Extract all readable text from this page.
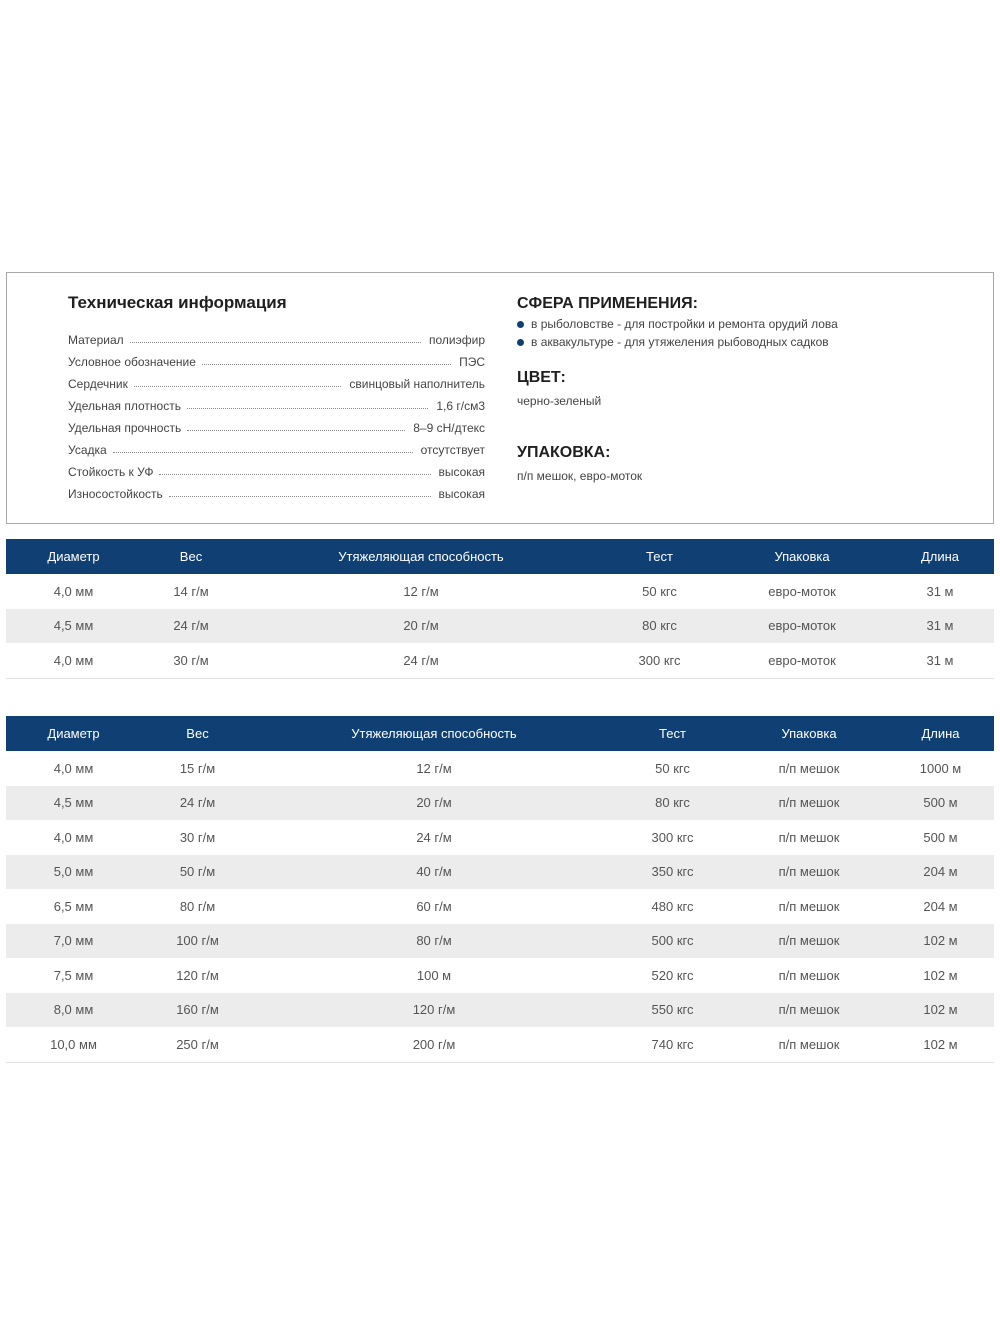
Техническая информация
Материал	полиэфир
Условное обозначение	ПЭС
Сердечник	свинцовый наполнитель
Удельная плотность	1,6 г/см3
Удельная прочность	8–9 сН/дтекс
Усадка	отсутствует
Стойкость к УФ	высокая
Износостойкость	высокая
СФЕРА ПРИМЕНЕНИЯ:
в рыболовстве - для постройки и ремонта орудий лова
в аквакультуре - для утяжеления рыбоводных садков
ЦВЕТ:
черно-зеленый
УПАКОВКА:
п/п мешок, евро-моток
Диаметр	Вес	Утяжеляющая способность	Тест	Упаковка	Длина
4,0 мм	14 г/м	12 г/м	50 кгс	евро-моток	31 м
4,5 мм	24 г/м	20 г/м	80 кгс	евро-моток	31 м
4,0 мм	30 г/м	24 г/м	300 кгс	евро-моток	31 м
Диаметр	Вес	Утяжеляющая способность	Тест	Упаковка	Длина
4,0 мм	15 г/м	12 г/м	50 кгс	п/п мешок	1000 м
4,5 мм	24 г/м	20 г/м	80 кгс	п/п мешок	500 м
4,0 мм	30 г/м	24 г/м	300 кгс	п/п мешок	500 м
5,0 мм	50 г/м	40 г/м	350 кгс	п/п мешок	204 м
6,5 мм	80 г/м	60 г/м	480 кгс	п/п мешок	204 м
7,0 мм	100 г/м	80 г/м	500 кгс	п/п мешок	102 м
7,5 мм	120 г/м	100 м	520 кгс	п/п мешок	102 м
8,0 мм	160 г/м	120 г/м	550 кгс	п/п мешок	102 м
10,0 мм	250 г/м	200 г/м	740 кгс	п/п мешок	102 м
